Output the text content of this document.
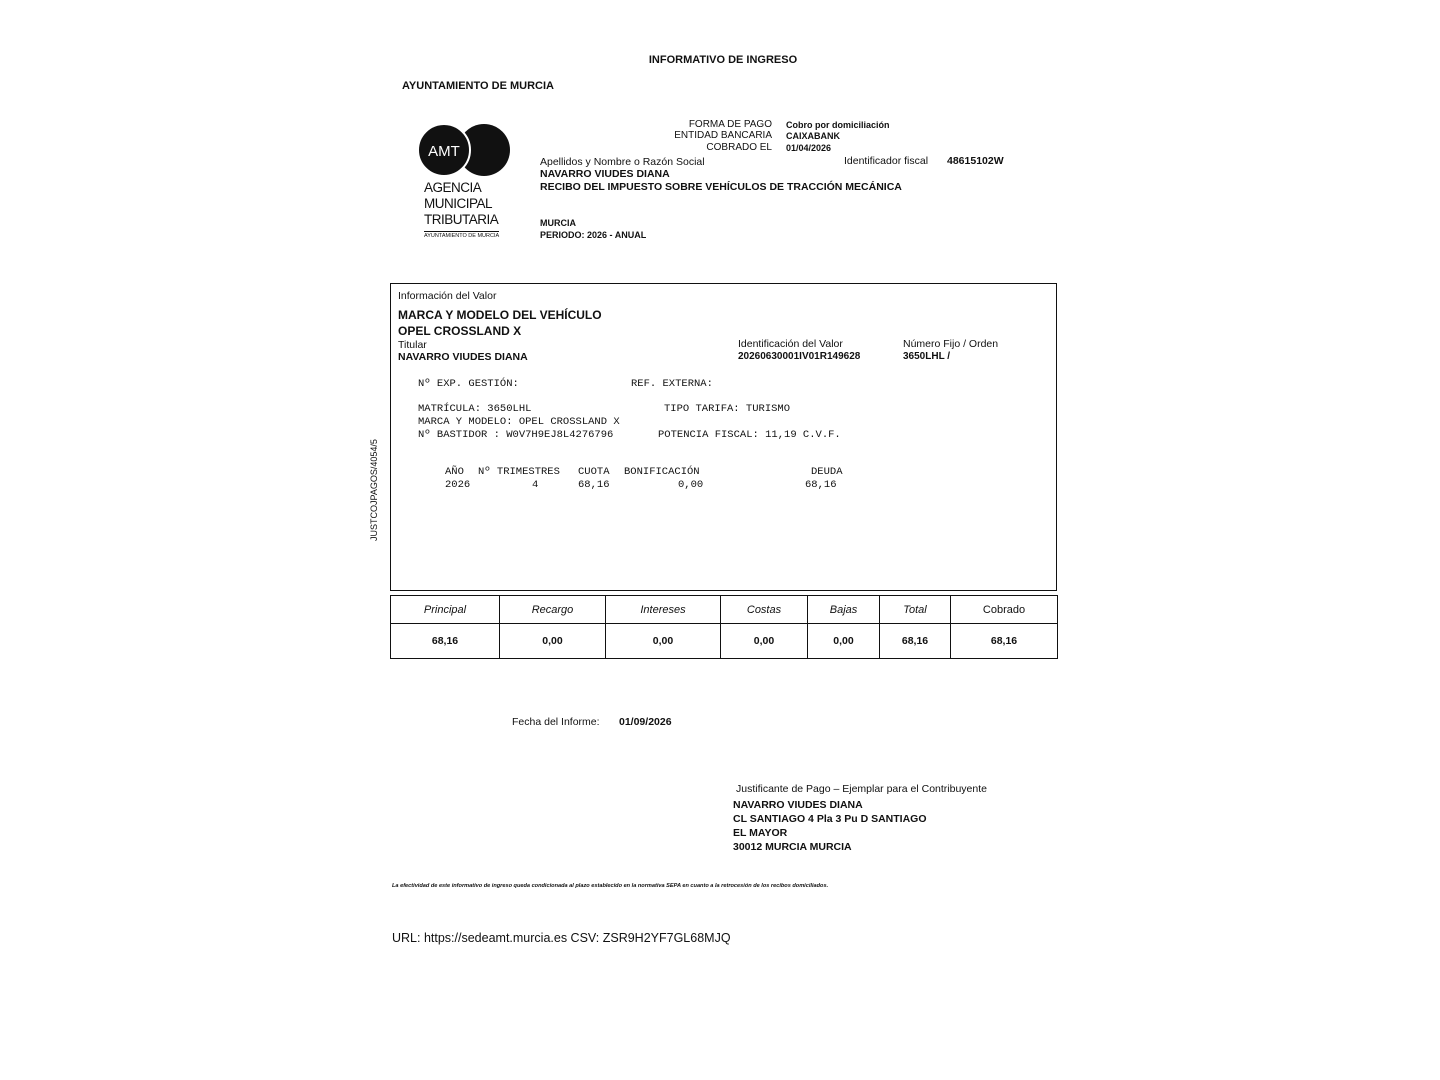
INFORMATIVO DE INGRESO
AYUNTAMIENTO DE MURCIA
AMT
AGENCIA
MUNICIPAL
TRIBUTARIA
AYUNTAMIENTO DE MURCIA
FORMA DE PAGO Cobro por domiciliación
ENTIDAD BANCARIA CAIXABANK
COBRADO EL 01/04/2026
Apellidos y Nombre o Razón Social	Identificador fiscal 48615102W
NAVARRO VIUDES DIANA
RECIBO DEL IMPUESTO SOBRE VEHÍCULOS DE TRACCIÓN MECÁNICA
MURCIA
PERIODO: 2026 - ANUAL
JUSTCOJPAGOS/4054/5
Información del Valor
MARCA Y MODELO DEL VEHÍCULO
OPEL CROSSLAND X
Titular
NAVARRO VIUDES DIANA
Identificación del Valor
20260630001IV01R149628
Número Fijo / Orden
3650LHL /
Nº EXP. GESTIÓN:	REF. EXTERNA:
MATRÍCULA: 3650LHL	TIPO TARIFA: TURISMO
MARCA Y MODELO: OPEL CROSSLAND X
Nº BASTIDOR : W0V7H9EJ8L4276796	POTENCIA FISCAL: 11,19 C.V.F.
AÑO Nº TRIMESTRES CUOTA BONIFICACIÓN	DEUDA
2026	4	68,16	0,00	68,16
Principal	Recargo	Intereses	Costas	Bajas	Total	Cobrado
68,16	0,00	0,00	0,00	0,00	68,16	68,16
Fecha del Informe: 01/09/2026
Justificante de Pago – Ejemplar para el Contribuyente
NAVARRO VIUDES DIANA
CL SANTIAGO 4 Pla 3 Pu D SANTIAGO
EL MAYOR
30012 MURCIA MURCIA
La efectividad de este informativo de ingreso queda condicionada al plazo establecido en la normativa SEPA en cuanto a la retrocesión de los recibos domiciliados.
URL: https://sedeamt.murcia.es CSV: ZSR9H2YF7GL68MJQ
